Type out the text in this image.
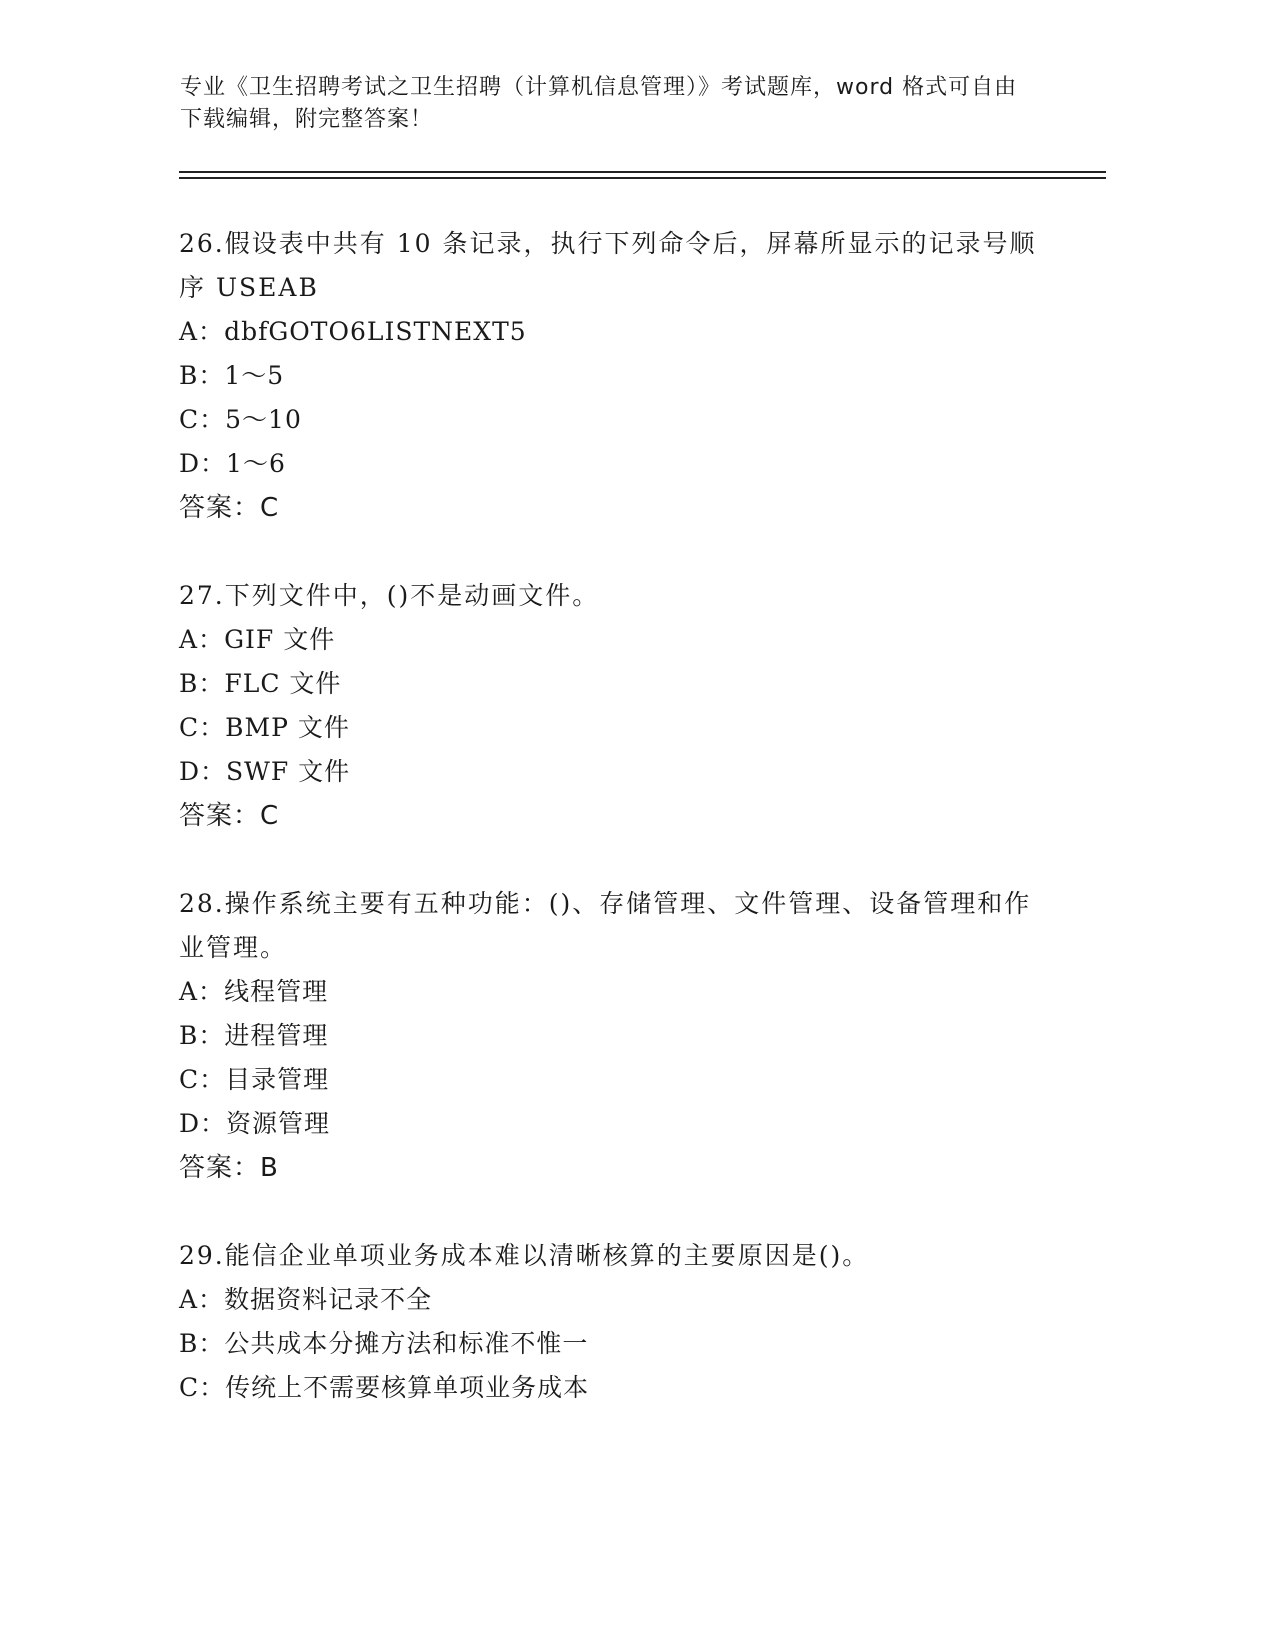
专业《卫生招聘考试之卫生招聘（计算机信息管理）》考试题库，word 格式可自由下载编辑，附完整答案！

26.假设表中共有 10 条记录，执行下列命令后，屏幕所显示的记录号顺序 USEAB

A：dbfGOTO6LISTNEXT5

B：1～5

C：5～10

D：1～6

答案：C

27.下列文件中，()不是动画文件。

A：GIF 文件

B：FLC 文件

C：BMP 文件

D：SWF 文件

答案：C

28.操作系统主要有五种功能：()、存储管理、文件管理、设备管理和作业管理。

A：线程管理

B：进程管理

C：目录管理

D：资源管理

答案：B

29.能信企业单项业务成本难以清晰核算的主要原因是()。

A：数据资料记录不全

B：公共成本分摊方法和标准不惟一

C：传统上不需要核算单项业务成本
